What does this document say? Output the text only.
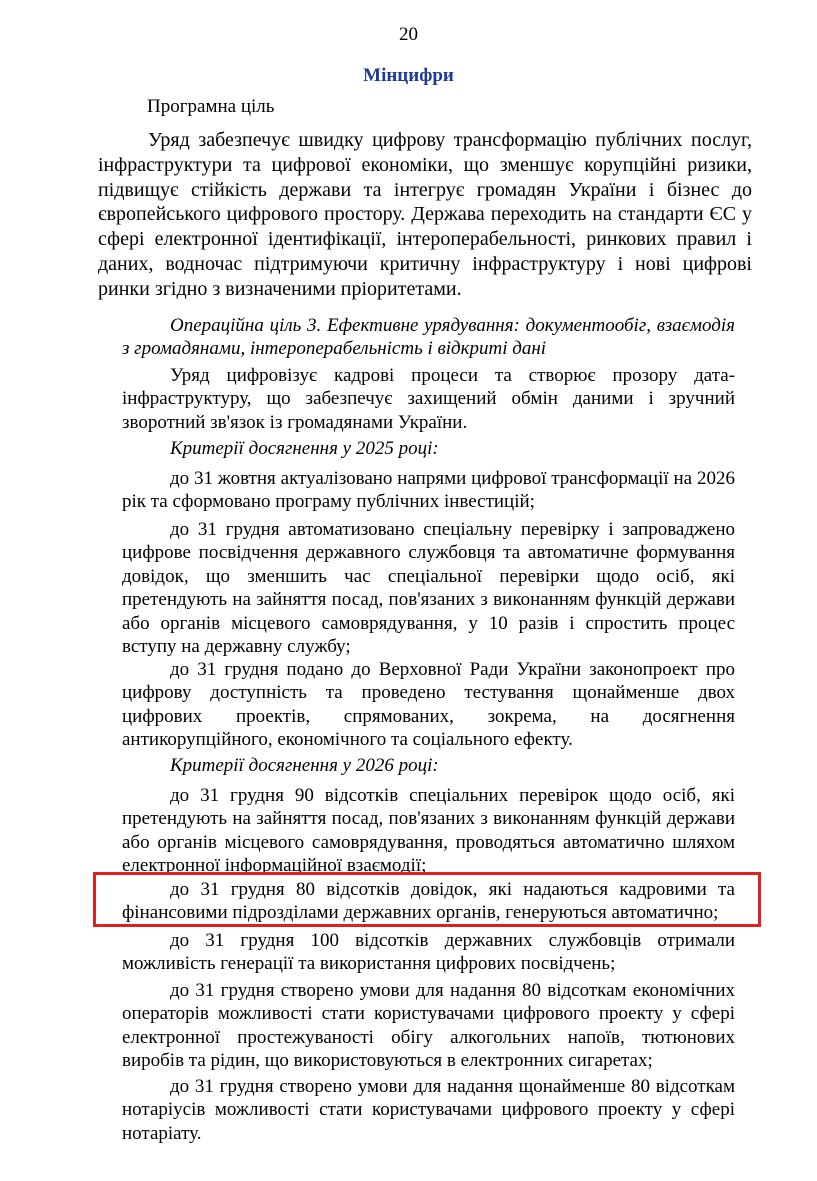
20
Мінцифри
Програмна ціль

Уряд забезпечує швидку цифрову трансформацію публічних послуг, інфраструктури та цифрової економіки, що зменшує корупційні ризики, підвищує стійкість держави та інтегрує громадян України і бізнес до європейського цифрового простору. Держава переходить на стандарти ЄС у сфері електронної ідентифікації, інтероперабельності, ринкових правил і даних, водночас підтримуючи критичну інфраструктуру і нові цифрові ринки згідно з визначеними пріоритетами.

Операційна ціль 3. Ефективне урядування: документообіг, взаємодія з громадянами, інтероперабельність і відкриті дані

Уряд цифровізує кадрові процеси та створює прозору дата-інфраструктуру, що забезпечує захищений обмін даними і зручний зворотний зв'язок із громадянами України.

Критерії досягнення у 2025 році:

до 31 жовтня актуалізовано напрями цифрової трансформації на 2026 рік та сформовано програму публічних інвестицій;

до 31 грудня автоматизовано спеціальну перевірку і запроваджено цифрове посвідчення державного службовця та автоматичне формування довідок, що зменшить час спеціальної перевірки щодо осіб, які претендують на зайняття посад, пов'язаних з виконанням функцій держави або органів місцевого самоврядування, у 10 разів і спростить процес вступу на державну службу;

до 31 грудня подано до Верховної Ради України законопроект про цифрову доступність та проведено тестування щонайменше двох цифрових проектів, спрямованих, зокрема, на досягнення антикорупційного, економічного та соціального ефекту.

Критерії досягнення у 2026 році:

до 31 грудня 90 відсотків спеціальних перевірок щодо осіб, які претендують на зайняття посад, пов'язаних з виконанням функцій держави або органів місцевого самоврядування, проводяться автоматично шляхом електронної інформаційної взаємодії;

до 31 грудня 80 відсотків довідок, які надаються кадровими та фінансовими підрозділами державних органів, генеруються автоматично;

до 31 грудня 100 відсотків державних службовців отримали можливість генерації та використання цифрових посвідчень;

до 31 грудня створено умови для надання 80 відсоткам економічних операторів можливості стати користувачами цифрового проекту у сфері електронної простежуваності обігу алкогольних напоїв, тютюнових виробів та рідин, що використовуються в електронних сигаретах;

до 31 грудня створено умови для надання щонайменше 80 відсоткам нотаріусів можливості стати користувачами цифрового проекту у сфері нотаріату.
